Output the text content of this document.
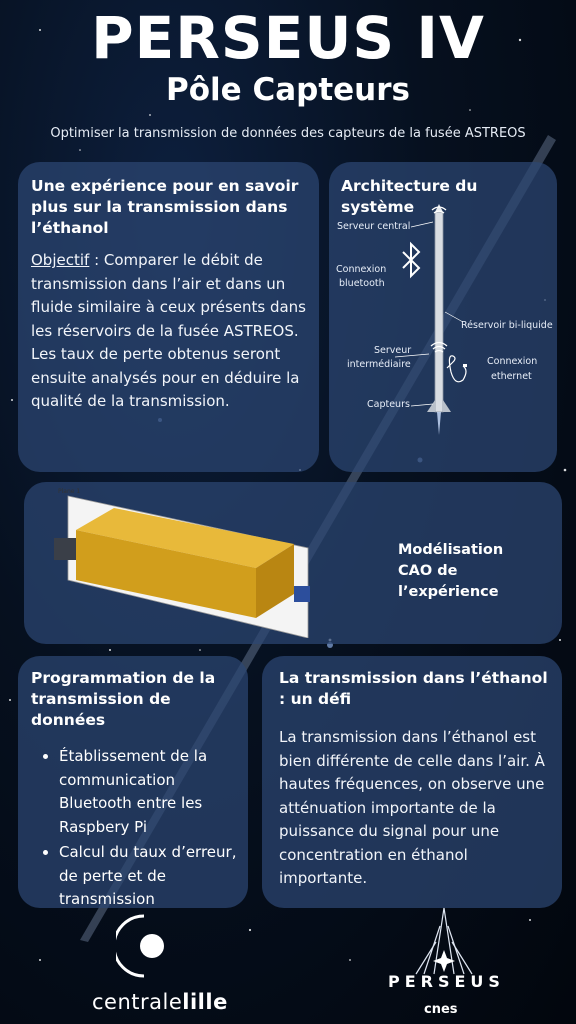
PERSEUS IV
Pôle Capteurs
Optimiser la transmission de données des capteurs de la fusée ASTREOS
Une expérience pour en savoir plus sur la transmission dans l’éthanol
Objectif : Comparer le débit de transmission dans l’air et dans un fluide similaire à ceux présents dans les réservoirs de la fusée ASTREOS. Les taux de perte obtenus seront ensuite analysés pour en déduire la qualité de la transmission.
Architecture du système
Serveur central
Connexion
bluetooth
Réservoir bi-liquide
Serveur
intermédiaire	Connexion
ethernet
Capteurs
Plane 1
Modélisation
CAO de
l’expérience
Programmation de la transmission de données
• Établissement de la communication Bluetooth entre les Raspbery Pi
• Calcul du taux d’erreur, de perte et de transmission
La transmission dans l’éthanol : un défi
La transmission dans l’éthanol est bien différente de celle dans l’air. À hautes fréquences, on observe une atténuation importante de la puissance du signal pour une concentration en éthanol importante.
centralelille
PERSEUS
cnes
